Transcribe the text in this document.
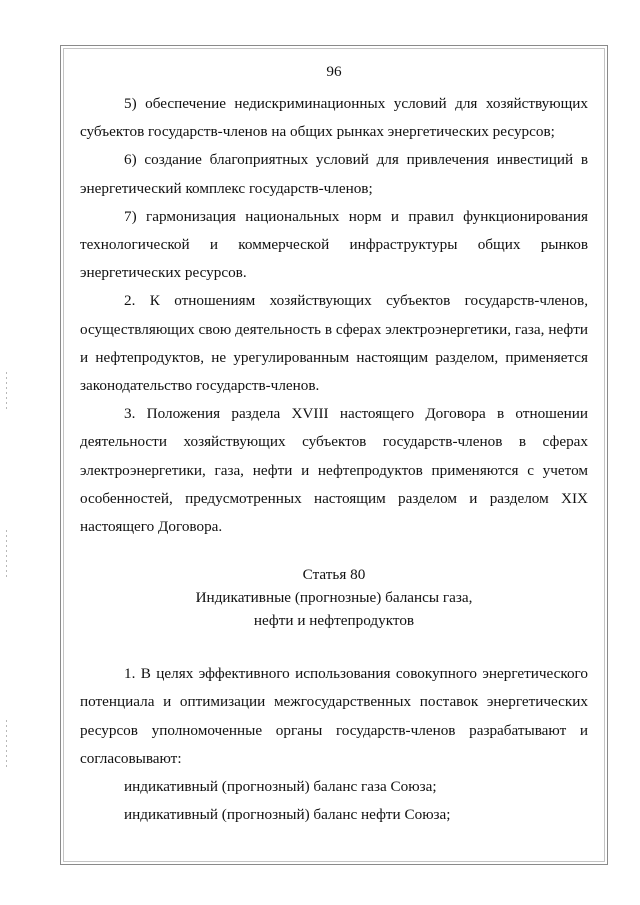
96

5) обеспечение недискриминационных условий для хозяйствующих субъектов государств-членов на общих рынках энергетических ресурсов;

6) создание благоприятных условий для привлечения инвестиций в энергетический комплекс государств-членов;

7) гармонизация национальных норм и правил функционирования технологической и коммерческой инфраструктуры общих рынков энергетических ресурсов.

2. К отношениям хозяйствующих субъектов государств-членов, осуществляющих свою деятельность в сферах электроэнергетики, газа, нефти и нефтепродуктов, не урегулированным настоящим разделом, применяется законодательство государств-членов.

3. Положения раздела XVIII настоящего Договора в отношении деятельности хозяйствующих субъектов государств-членов в сферах электроэнергетики, газа, нефти и нефтепродуктов применяются с учетом особенностей, предусмотренных настоящим разделом и разделом XIX настоящего Договора.

Статья 80

Индикативные (прогнозные) балансы газа,

нефти и нефтепродуктов

1. В целях эффективного использования совокупного энергетического потенциала и оптимизации межгосударственных поставок энергетических ресурсов уполномоченные органы государств-членов разрабатывают и согласовывают:

индикативный (прогнозный) баланс газа Союза;

индикативный (прогнозный) баланс нефти Союза;
